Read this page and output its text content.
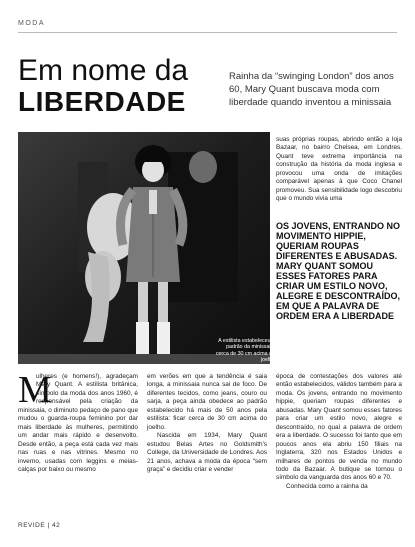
MODA
Em nome da
LIBERDADE
Rainha da “swinging London” dos anos 60, Mary Quant buscava moda com liberdade quando inventou a minissaia
A estilista estabeleceu o padrão da minissaia: cerca de 30 cm acima do joelho

suas próprias roupas, abrindo então a loja Bazaar, no bairro Chelsea, em Londres. Quant teve extrema importância na construção da história da moda inglesa e provocou uma onda de imitações comparável apenas à que Coco Chanel promoveu. Sua sensibilidade logo descobriu que o mundo vivia uma

OS JOVENS, ENTRANDO NO MOVIMENTO HIPPIE, QUERIAM ROUPAS DIFERENTES E ABUSADAS. MARY QUANT SOMOU ESSES FATORES PARA CRIAR UM ESTILO NOVO, ALEGRE E DESCONTRAÍDO, EM QUE A PALAVRA DE ORDEM ERA A LIBERDADE
M

ulheres (e homens!), agradeçam Mary Quant. A estilista britânica, símbolo da moda dos anos 1960, é responsável pela criação da minissaia, o diminuto pedaço de pano que mudou o guarda-roupa feminino por dar mais liberdade às mulheres, permitindo um andar mais rápido e desenvolto. Desde então, a peça está cada vez mais nas ruas e nas vitrines. Mesmo no inverno, usadas com leggins e meias-calças por baixo ou mesmo

em verões em que a tendência é saia longa, a minissaia nunca sai de foco. De diferentes tecidos, como jeans, couro ou sarja, a peça ainda obedece ao padrão estabelecido há mais de 50 anos pela estilista: ficar cerca de 30 cm acima do joelho.

Nascida em 1934, Mary Quant estudou Belas Artes no Goldsmith's College, da Universidade de Londres. Aos 21 anos, achava a moda da época “sem graça” e decidiu criar e vender

época de contestações dos valores até então estabelecidos, válidos também para a moda. Os jovens, entrando no movimento hippie, queriam roupas diferentes e abusadas. Mary Quant somou esses fatores para criar um estilo novo, alegre e descontraído, no qual a palavra de ordem era a liberdade. O sucesso foi tanto que em poucos anos ela abriu 150 filiais na Inglaterra, 320 nos Estados Unidos e milhares de pontos de venda no mundo todo da Bazaar. A butique se tornou o símbolo da vanguarda dos anos 60 e 70.

Conhecida como a rainha da

REVIDE | 42
